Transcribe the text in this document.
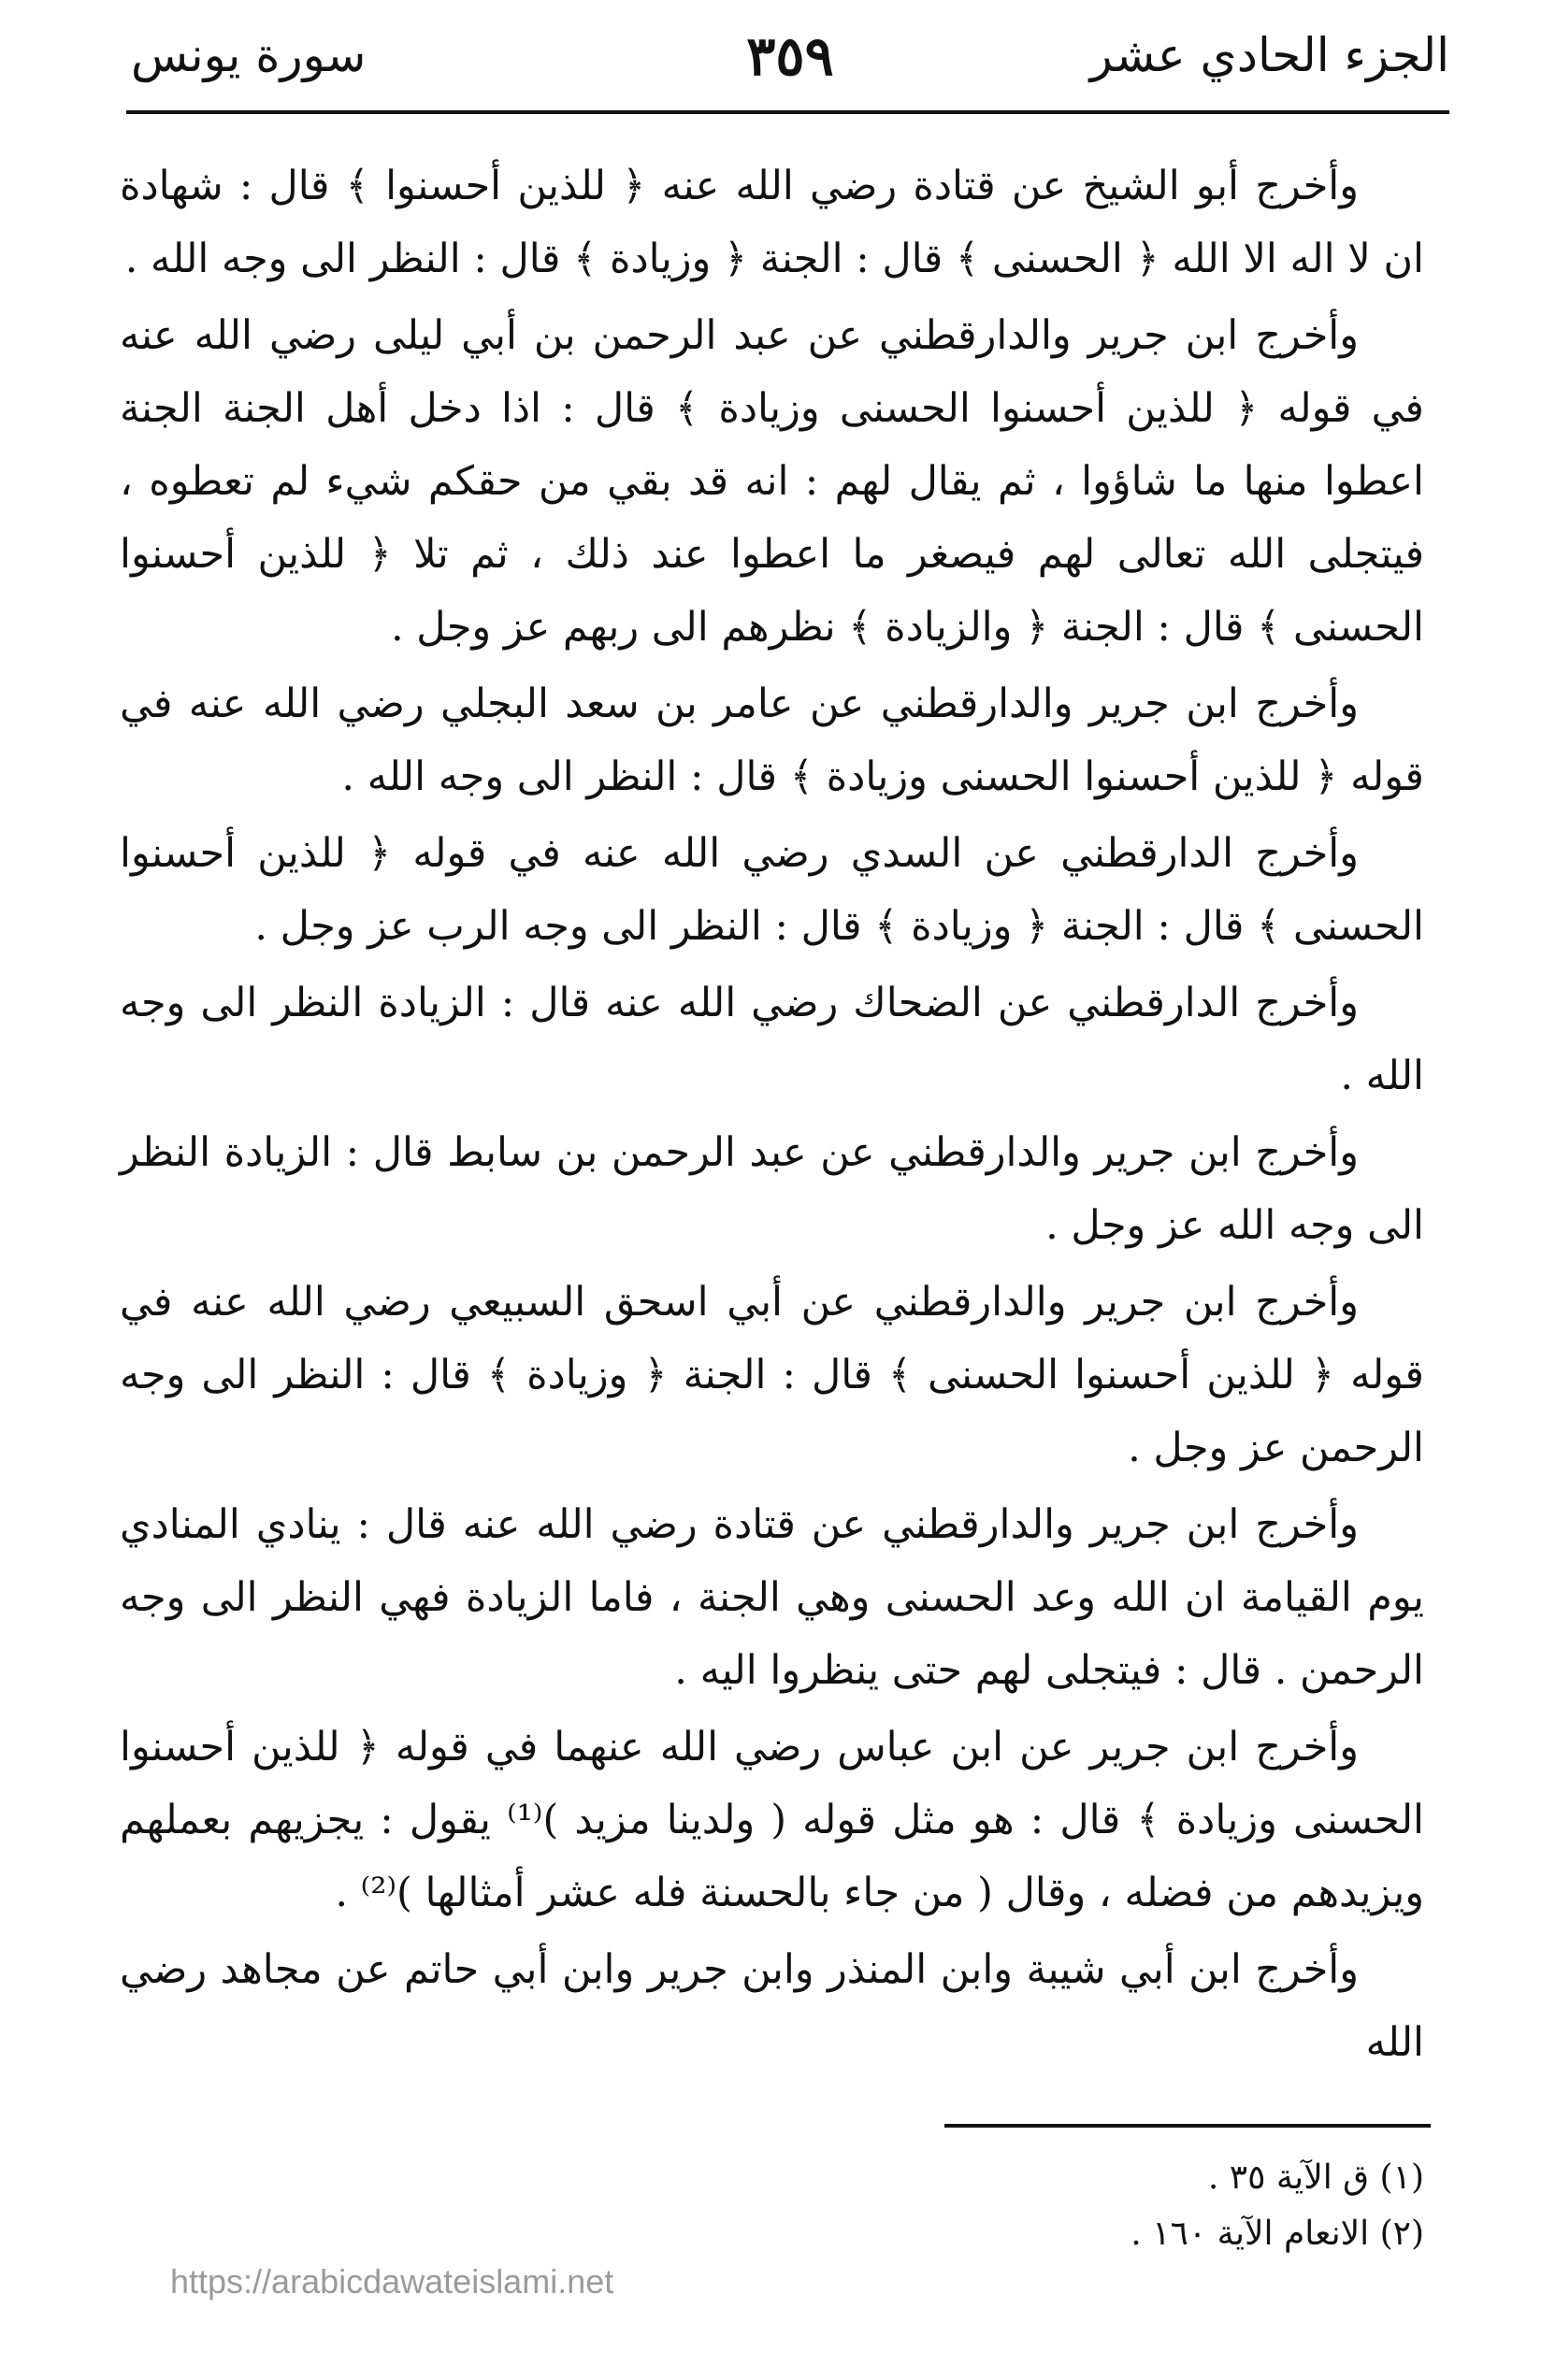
الجزء الحادي عشر
٣٥٩
سورة يونس

وأخرج أبو الشيخ عن قتادة رضي الله عنه ﴿ للذين أحسنوا ﴾ قال : شهادة ان لا اله الا الله ﴿ الحسنى ﴾ قال : الجنة ﴿ وزيادة ﴾ قال : النظر الى وجه الله .

وأخرج ابن جرير والدارقطني عن عبد الرحمن بن أبي ليلى رضي الله عنه في قوله ﴿ للذين أحسنوا الحسنى وزيادة ﴾ قال : اذا دخل أهل الجنة الجنة اعطوا منها ما شاؤوا ، ثم يقال لهم : انه قد بقي من حقكم شيء لم تعطوه ، فيتجلى الله تعالى لهم فيصغر ما اعطوا عند ذلك ، ثم تلا ﴿ للذين أحسنوا الحسنى ﴾ قال : الجنة ﴿ والزيادة ﴾ نظرهم الى ربهم عز وجل .

وأخرج ابن جرير والدارقطني عن عامر بن سعد البجلي رضي الله عنه في قوله ﴿ للذين أحسنوا الحسنى وزيادة ﴾ قال : النظر الى وجه الله .

وأخرج الدارقطني عن السدي رضي الله عنه في قوله ﴿ للذين أحسنوا الحسنى ﴾ قال : الجنة ﴿ وزيادة ﴾ قال : النظر الى وجه الرب عز وجل .

وأخرج الدارقطني عن الضحاك رضي الله عنه قال : الزيادة النظر الى وجه الله .

وأخرج ابن جرير والدارقطني عن عبد الرحمن بن سابط قال : الزيادة النظر الى وجه الله عز وجل .

وأخرج ابن جرير والدارقطني عن أبي اسحق السبيعي رضي الله عنه في قوله ﴿ للذين أحسنوا الحسنى ﴾ قال : الجنة ﴿ وزيادة ﴾ قال : النظر الى وجه الرحمن عز وجل .

وأخرج ابن جرير والدارقطني عن قتادة رضي الله عنه قال : ينادي المنادي يوم القيامة ان الله وعد الحسنى وهي الجنة ، فاما الزيادة فهي النظر الى وجه الرحمن . قال : فيتجلى لهم حتى ينظروا اليه .

وأخرج ابن جرير عن ابن عباس رضي الله عنهما في قوله ﴿ للذين أحسنوا الحسنى وزيادة ﴾ قال : هو مثل قوله ( ولدينا مزيد )⁽¹⁾ يقول : يجزيهم بعملهم ويزيدهم من فضله ، وقال ( من جاء بالحسنة فله عشر أمثالها )⁽²⁾ .

وأخرج ابن أبي شيبة وابن المنذر وابن جرير وابن أبي حاتم عن مجاهد رضي الله

(١) ق الآية ٣٥ .

(٢) الانعام الآية ١٦٠ .

https://arabicdawateislami.net
